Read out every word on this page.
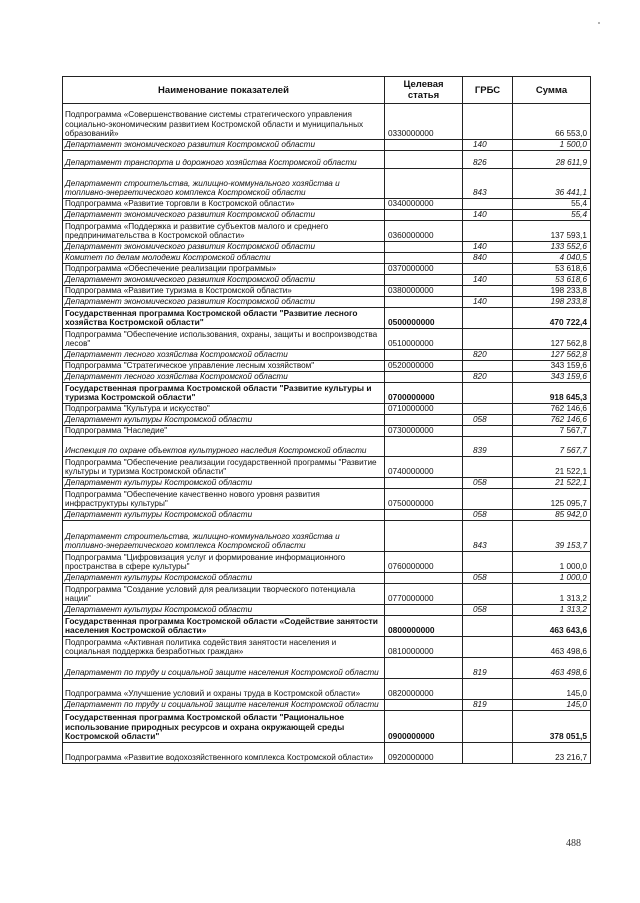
Наименование показателей	Целевая статья	ГРБС	Сумма
Подпрограмма «Совершенствование системы стратегического управления социально-экономическим развитием Костромской области и муниципальных образований»	0330000000		66 553,0
Департамент экономического развития Костромской области		140	1 500,0
Департамент транспорта и дорожного хозяйства Костромской области		826	28 611,9
Департамент строительства, жилищно-коммунального хозяйства и топливно-энергетического комплекса Костромской области		843	36 441,1
Подпрограмма «Развитие торговли в Костромской области»	0340000000		55,4
Департамент экономического развития Костромской области		140	55,4
Подпрограмма «Поддержка и развитие субъектов малого и среднего предпринимательства в Костромской области»	0360000000		137 593,1
Департамент экономического развития Костромской области		140	133 552,6
Комитет по делам молодежи Костромской области		840	4 040,5
Подпрограмма «Обеспечение реализации программы»	0370000000		53 618,6
Департамент экономического развития Костромской области		140	53 618,6
Подпрограмма «Развитие туризма в Костромской области»	0380000000		198 233,8
Департамент экономического развития Костромской области		140	198 233,8
Государственная программа Костромской области "Развитие лесного хозяйства Костромской области"	0500000000		470 722,4
Подпрограмма "Обеспечение использования, охраны, защиты и воспроизводства лесов"	0510000000		127 562,8
Департамент лесного хозяйства Костромской области		820	127 562,8
Подпрограмма "Стратегическое управление лесным хозяйством"	0520000000		343 159,6
Департамент лесного хозяйства Костромской области		820	343 159,6
Государственная программа Костромской области "Развитие культуры и туризма Костромской области"	0700000000		918 645,3
Подпрограмма "Культура и искусство"	0710000000		762 146,6
Департамент культуры Костромской области		058	762 146,6
Подпрограмма "Наследие"	0730000000		7 567,7
Инспекция по охране объектов культурного наследия Костромской области		839	7 567,7
Подпрограмма "Обеспечение реализации государственной программы "Развитие культуры и туризма Костромской области"	0740000000		21 522,1
Департамент культуры Костромской области		058	21 522,1
Подпрограмма "Обеспечение качественно нового уровня развития инфраструктуры культуры"	0750000000		125 095,7
Департамент культуры Костромской области		058	85 942,0
Департамент строительства, жилищно-коммунального хозяйства и топливно-энергетического комплекса Костромской области		843	39 153,7
Подпрограмма "Цифровизация услуг и формирование информационного пространства в сфере культуры"	0760000000		1 000,0
Департамент культуры Костромской области		058	1 000,0
Подпрограмма "Создание условий для реализации творческого потенциала нации"	0770000000		1 313,2
Департамент культуры Костромской области		058	1 313,2
Государственная программа Костромской области «Содействие занятости населения Костромской области»	0800000000		463 643,6
Подпрограмма «Активная политика содействия занятости населения и социальная поддержка безработных граждан»	0810000000		463 498,6
Департамент по труду и социальной защите населения Костромской области		819	463 498,6
Подпрограмма «Улучшение условий и охраны труда в Костромской области»	0820000000		145,0
Департамент по труду и социальной защите населения Костромской области		819	145,0
Государственная программа Костромской области "Рациональное использование природных ресурсов и охрана окружающей среды Костромской области"	0900000000		378 051,5
Подпрограмма «Развитие водохозяйственного комплекса Костромской области»	0920000000		23 216,7
488
